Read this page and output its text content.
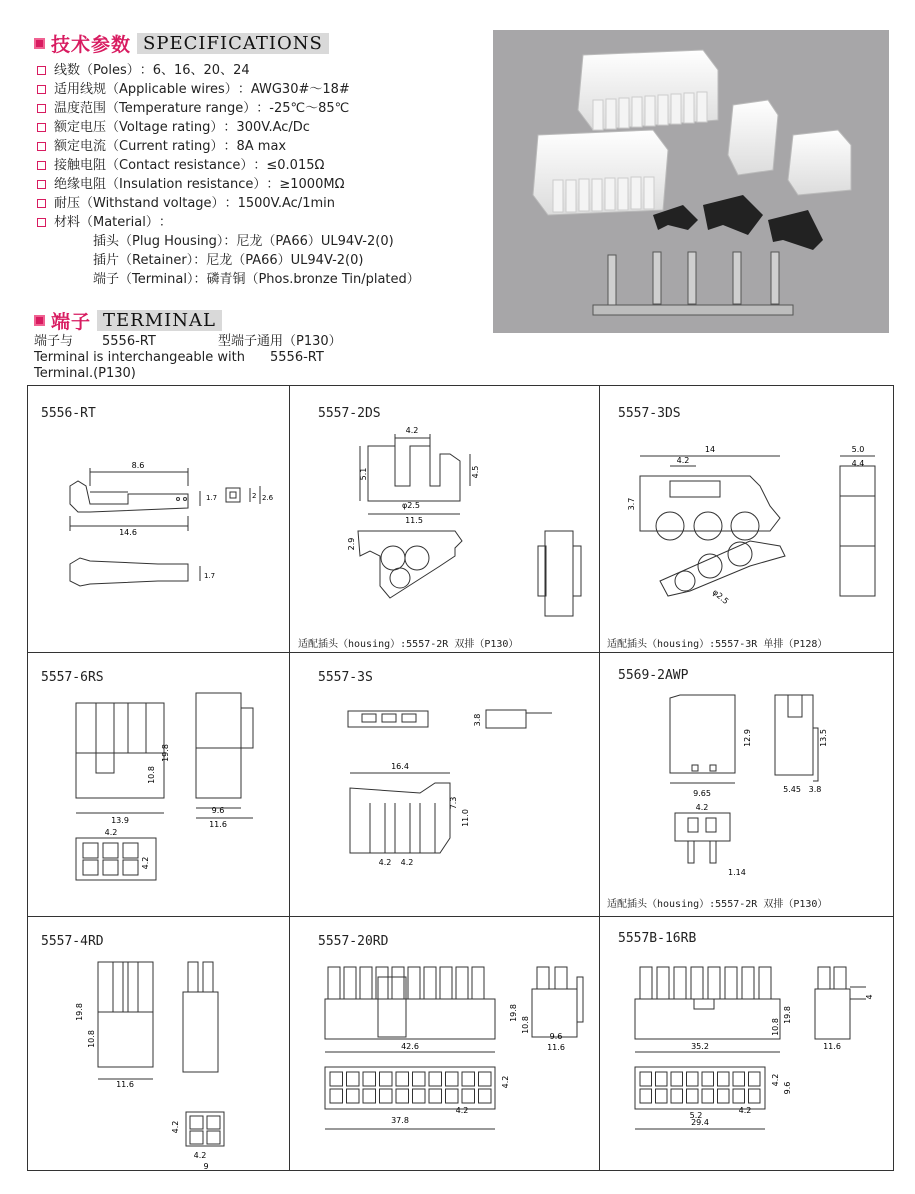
技术参数 SPECIFICATIONS
线数（Poles） ：6、16、20、24
适用线规（Applicable wires） ：AWG30#～18#
温度范围（Temperature range） ：-25℃～85℃
额定电压（Voltage rating） ：300V.Ac/Dc
额定电流（Current rating） ：8A max
接触电阻（Contact resistance） ：≤0.015Ω
绝缘电阻（Insulation resistance） ：≥1000MΩ
耐压（Withstand voltage） ：1500V.Ac/1min
材料（Material） ：
插头（Plug Housing）：尼龙（PA66）UL94V-2(0)
插片（Retainer）：尼龙（PA66）UL94V-2(0)
端子（Terminal）：磷青铜（Phos.bronze Tin/plated）
端子 TERMINAL
端子与 5556-RT	型端子通用（P130）
Terminal is interchangeable with 5556-RT
Terminal.(P130)
5556-RT	5557-2DS	5557-3DS
5557-6RS	5557-3S	5569-2AWP
5557-4RD	5557-20RD	5557B-16RB
适配插头（housing）:5557-2R 双排（P130）	适配插头（housing）:5557-3R 单排（P128）
适配插头（housing）:5557-2R 双排（P130）
8.6
14.6
1.7	2 2.6
1.7
4.2
5.1	4.5
φ2.5
11.5
2.9
14
4.2
3.7
φ2.5
5.0
4.4
19.8
10.8
13.9
9.6
11.6
4.2
4.2
3.8
16.4
7.3
11.0
4.2 4.2
12.9
9.65
13.5
5.45 3.8
4.2
1.14
19.8
10.8
11.6
4.2
4.2
9
42.6
19.8
10.8
9.6
11.6
4.2
37.8
4.2
19.8
10.8
35.2
4
11.6
4.2
9.6
5.2
4.2
29.4
